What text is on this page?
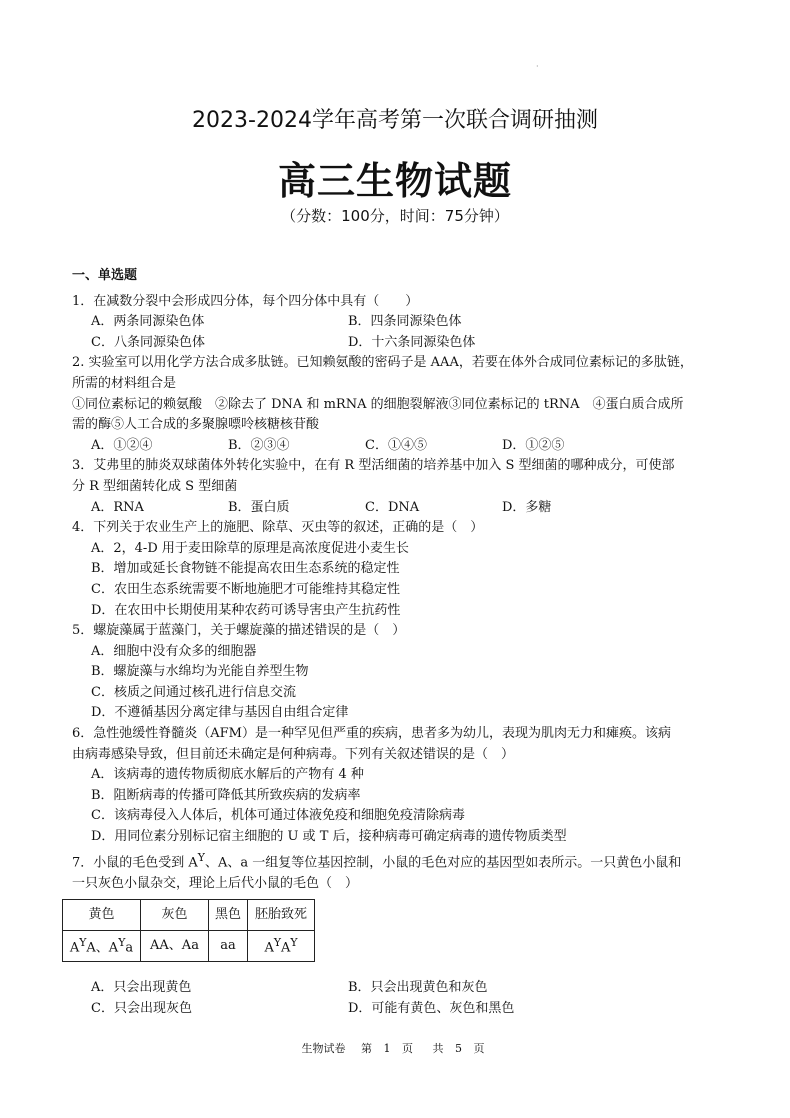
·
2023-2024学年高考第一次联合调研抽测
高三生物试题
（分数：100分，时间：75分钟）
一、单选题
1．在减数分裂中会形成四分体，每个四分体中具有（　　）
A．两条同源染色体	B．四条同源染色体
C．八条同源染色体	D．十六条同源染色体
2. 实验室可以用化学方法合成多肽链。已知赖氨酸的密码子是 AAA，若要在体外合成同位素标记的多肽链，
所需的材料组合是
①同位素标记的赖氨酸　②除去了 DNA 和 mRNA 的细胞裂解液③同位素标记的 tRNA　④蛋白质合成所
需的酶⑤人工合成的多聚腺嘌呤核糖核苷酸
A．①②④	B．②③④	C．①④⑤	D．①②⑤
3．艾弗里的肺炎双球菌体外转化实验中，在有 R 型活细菌的培养基中加入 S 型细菌的哪种成分，可使部
分 R 型细菌转化成 S 型细菌
A．RNA	B．蛋白质	C．DNA	D．多糖
4．下列关于农业生产上的施肥、除草、灭虫等的叙述，正确的是（　）
A．2，4-D 用于麦田除草的原理是高浓度促进小麦生长
B．增加或延长食物链不能提高农田生态系统的稳定性
C．农田生态系统需要不断地施肥才可能维持其稳定性
D．在农田中长期使用某种农药可诱导害虫产生抗药性
5．螺旋藻属于蓝藻门，关于螺旋藻的描述错误的是（　）
A．细胞中没有众多的细胞器
B．螺旋藻与水绵均为光能自养型生物
C．核质之间通过核孔进行信息交流
D．不遵循基因分离定律与基因自由组合定律
6．急性弛缓性脊髓炎（AFM）是一种罕见但严重的疾病，患者多为幼儿，表现为肌肉无力和瘫痪。该病
由病毒感染导致，但目前还未确定是何种病毒。下列有关叙述错误的是（　）
A．该病毒的遗传物质彻底水解后的产物有 4 种
B．阻断病毒的传播可降低其所致疾病的发病率
C．该病毒侵入人体后，机体可通过体液免疫和细胞免疫清除病毒
D．用同位素分别标记宿主细胞的 U 或 T 后，接种病毒可确定病毒的遗传物质类型
7．小鼠的毛色受到 $A^Y$、A、a 一组复等位基因控制，小鼠的毛色对应的基因型如表所示。一只黄色小鼠和
一只灰色小鼠杂交，理论上后代小鼠的毛色（　）
黄色	灰色	黑色	胚胎致死
$A^YA$、$A^Ya$	AA、Aa	aa	$A^YA^Y$
A．只会出现黄色	B．只会出现黄色和灰色
C．只会出现灰色	D．可能有黄色、灰色和黑色
生物试卷 第 1 页 共 5 页
